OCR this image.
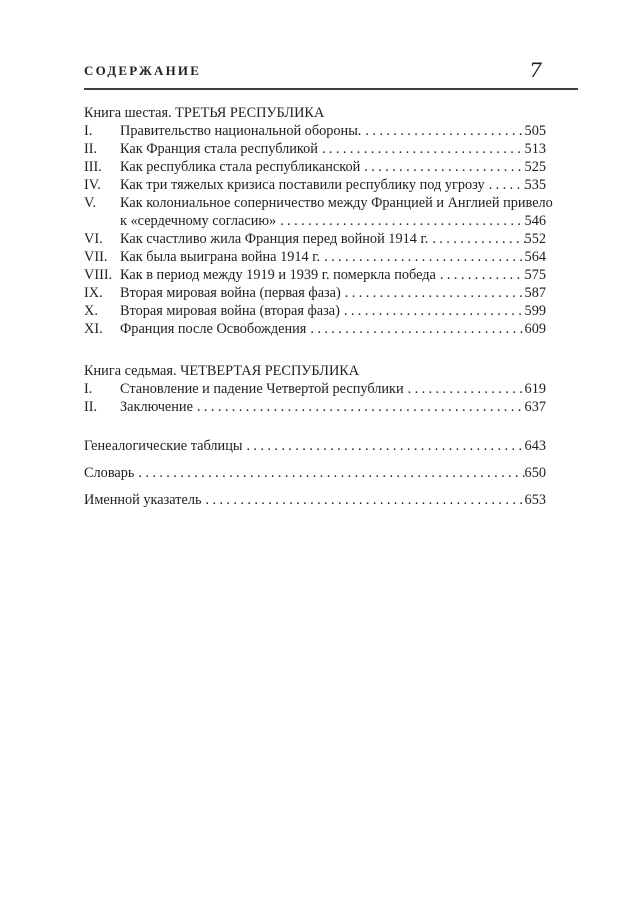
СОДЕРЖАНИЕ	7
Книга шестая. ТРЕТЬЯ РЕСПУБЛИКА
I.	Правительство национальной обороны. .....	505
II.	Как Франция стала республикой .....	513
III.	Как республика стала республиканской .....	525
IV.	Как три тяжелых кризиса поставили республику под угрозу .....	535
V.	Как колониальное соперничество между Францией и Англией привело
к «сердечному согласию» .....	546
VI.	Как счастливо жила Франция перед войной 1914 г. .....	552
VII. Как была выиграна война 1914 г. .....	564
VIII. Как в период между 1919 и 1939 г. померкла победа .....	575
IX.	Вторая мировая война (первая фаза) .....	587
X.	Вторая мировая война (вторая фаза) .....	599
XI.	Франция после Освобождения .....	609
Книга седьмая. ЧЕТВЕРТАЯ РЕСПУБЛИКА
I.	Становление и падение Четвертой республики .....	619
II.	Заключение .....	637
Генеалогические таблицы .....	643
Словарь .....	650
Именной указатель .....	653
